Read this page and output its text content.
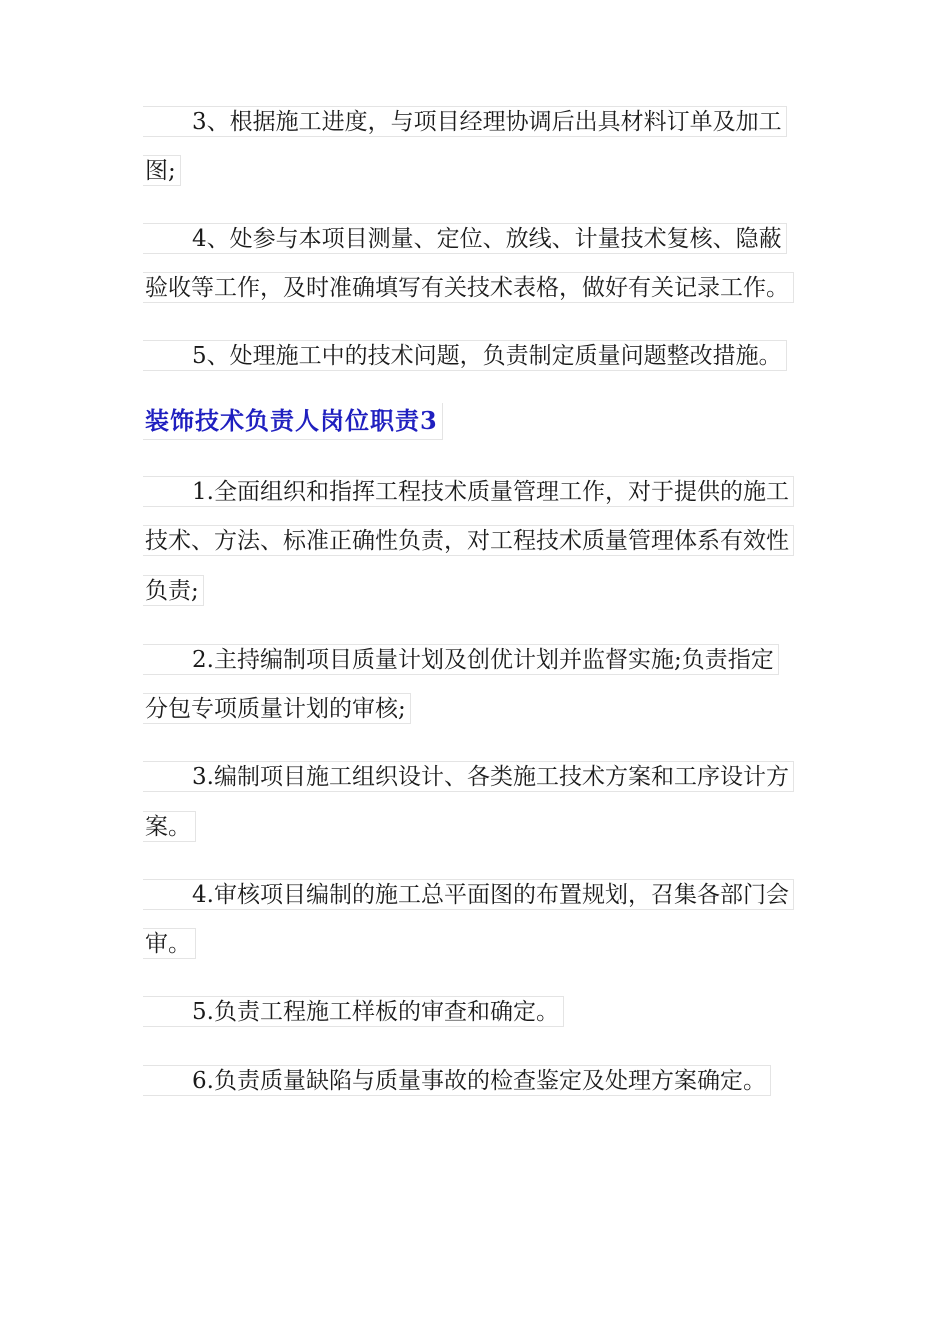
3、根据施工进度，与项目经理协调后出具材料订单及加工
图;
4、处参与本项目测量、定位、放线、计量技术复核、隐蔽
验收等工作，及时准确填写有关技术表格，做好有关记录工作。
5、处理施工中的技术问题，负责制定质量问题整改措施。
装饰技术负责人岗位职责3
1.全面组织和指挥工程技术质量管理工作，对于提供的施工
技术、方法、标准正确性负责，对工程技术质量管理体系有效性
负责;
2.主持编制项目质量计划及创优计划并监督实施;负责指定
分包专项质量计划的审核;
3.编制项目施工组织设计、各类施工技术方案和工序设计方
案。
4.审核项目编制的施工总平面图的布置规划，召集各部门会
审。
5.负责工程施工样板的审查和确定。
6.负责质量缺陷与质量事故的检查鉴定及处理方案确定。
